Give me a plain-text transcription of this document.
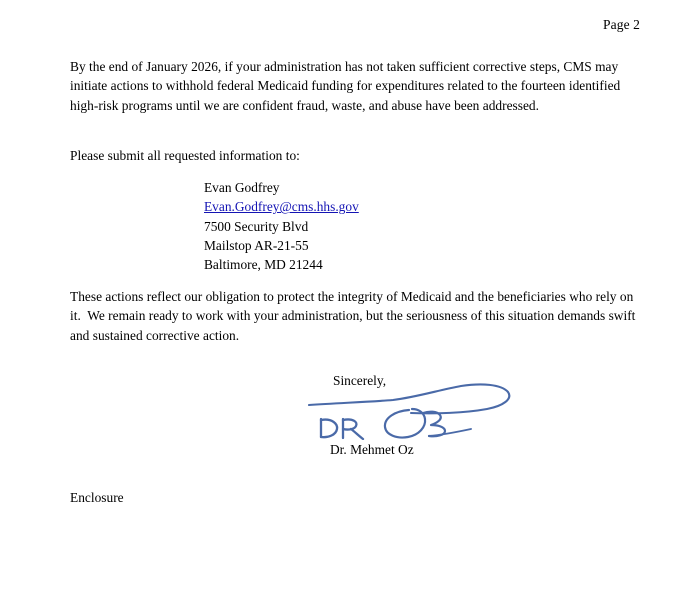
Page 2
By the end of January 2026, if your administration has not taken sufficient corrective steps, CMS may initiate actions to withhold federal Medicaid funding for expenditures related to the fourteen identified high-risk programs until we are confident fraud, waste, and abuse have been addressed.
Please submit all requested information to:
Evan Godfrey
Evan.Godfrey@cms.hhs.gov
7500 Security Blvd
Mailstop AR-21-55
Baltimore, MD 21244
These actions reflect our obligation to protect the integrity of Medicaid and the beneficiaries who rely on it.  We remain ready to work with your administration, but the seriousness of this situation demands swift and sustained corrective action.
Sincerely,
Dr. Mehmet Oz
Enclosure
